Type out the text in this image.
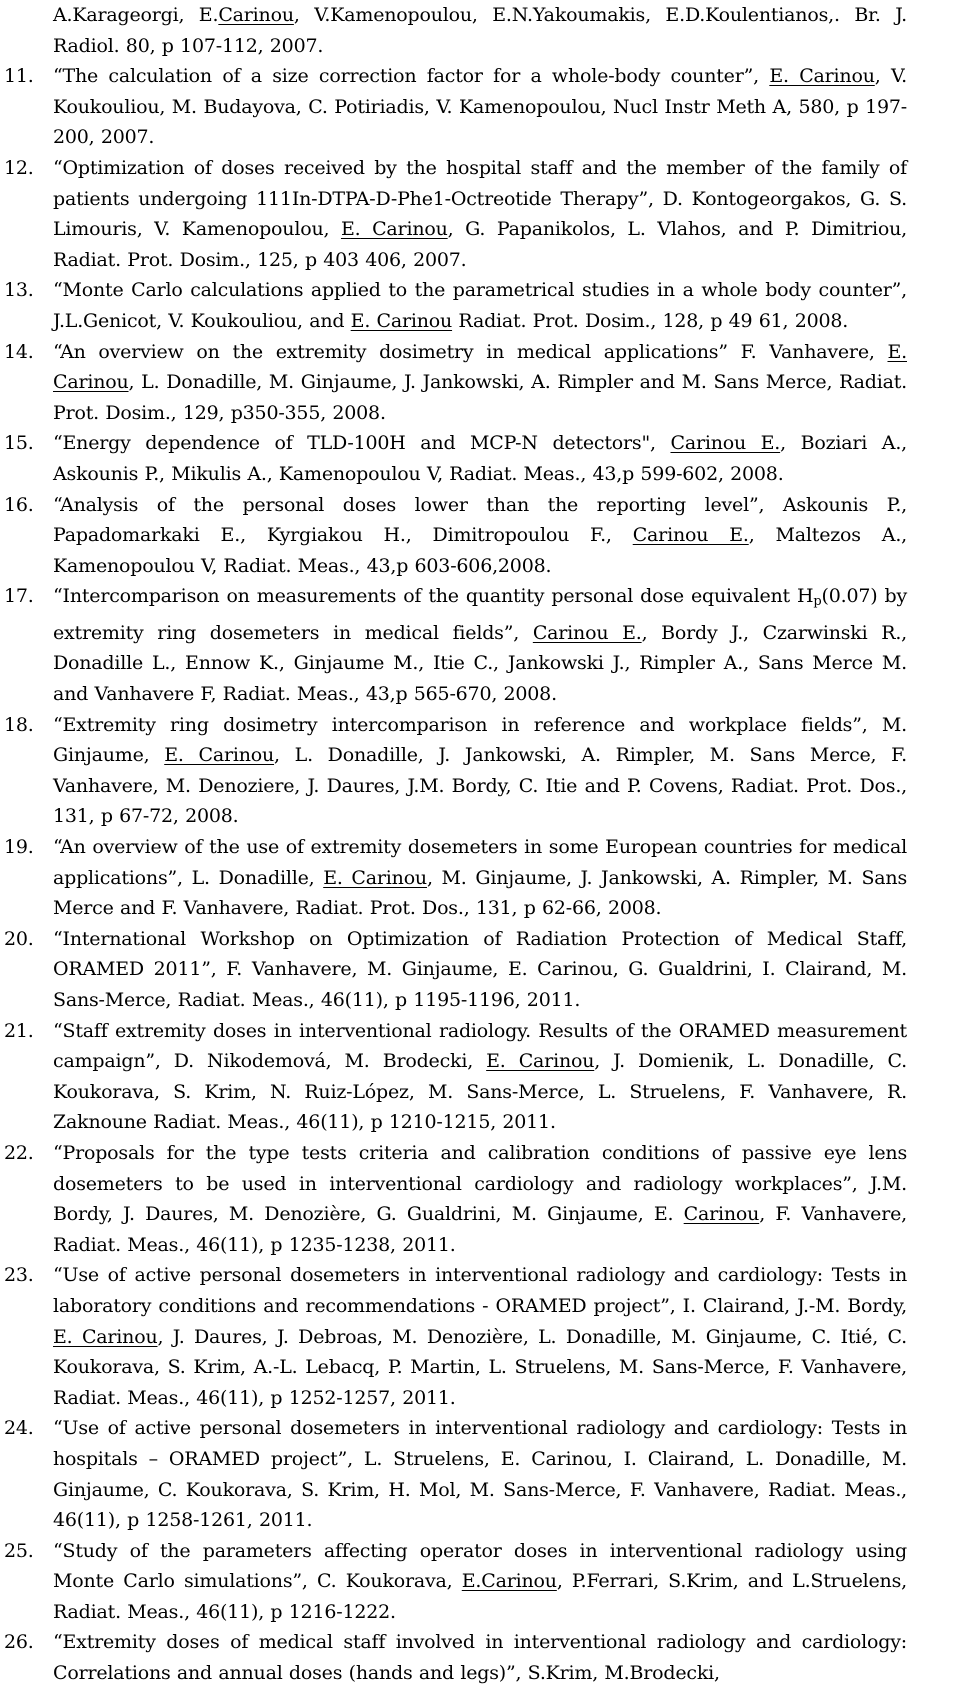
A.Karageorgi, E.Carinou, V.Kamenopoulou, E.N.Yakoumakis, E.D.Koulentianos,. Br. J. Radiol. 80, p 107-112, 2007.
11. “The calculation of a size correction factor for a whole-body counter”, E. Carinou, V. Koukouliou, M. Budayova, C. Potiriadis, V. Kamenopoulou, Nucl Instr Meth A, 580, p 197-200, 2007.
12. “Optimization of doses received by the hospital staff and the member of the family of patients undergoing 111In-DTPA-D-Phe1-Octreotide Therapy”, D. Kontogeorgakos, G. S. Limouris, V. Kamenopoulou, E. Carinou, G. Papanikolos, L. Vlahos, and P. Dimitriou, Radiat. Prot. Dosim., 125, p 403 406, 2007.
13. “Monte Carlo calculations applied to the parametrical studies in a whole body counter”, J.L.Genicot, V. Koukouliou, and E. Carinou Radiat. Prot. Dosim., 128, p 49 61, 2008.
14. “An overview on the extremity dosimetry in medical applications” F. Vanhavere, E. Carinou, L. Donadille, M. Ginjaume, J. Jankowski, A. Rimpler and M. Sans Merce, Radiat. Prot. Dosim., 129, p350-355, 2008.
15. “Energy dependence of TLD-100H and MCP-N detectors", Carinou E., Boziari A., Askounis P., Mikulis A., Kamenopoulou V, Radiat. Meas., 43,p 599-602, 2008.
16. “Analysis of the personal doses lower than the reporting level”, Askounis P., Papadomarkaki E., Kyrgiakou H., Dimitropoulou F., Carinou E., Maltezos A., Kamenopoulou V, Radiat. Meas., 43,p 603-606,2008.
17. “Intercomparison on measurements of the quantity personal dose equivalent $H_p(0.07)$ by extremity ring dosemeters in medical fields”, Carinou E., Bordy J., Czarwinski R., Donadille L., Ennow K., Ginjaume M., Itie C., Jankowski J., Rimpler A., Sans Merce M. and Vanhavere F, Radiat. Meas., 43,p 565-670, 2008.
18. “Extremity ring dosimetry intercomparison in reference and workplace fields”, M. Ginjaume, E. Carinou, L. Donadille, J. Jankowski, A. Rimpler, M. Sans Merce, F. Vanhavere, M. Denoziere, J. Daures, J.M. Bordy, C. Itie and P. Covens, Radiat. Prot. Dos., 131, p 67-72, 2008.
19. “An overview of the use of extremity dosemeters in some European countries for medical applications”, L. Donadille, E. Carinou, M. Ginjaume, J. Jankowski, A. Rimpler, M. Sans Merce and F. Vanhavere, Radiat. Prot. Dos., 131, p 62-66, 2008.
20. “International Workshop on Optimization of Radiation Protection of Medical Staff, ORAMED 2011”, F. Vanhavere, M. Ginjaume, E. Carinou, G. Gualdrini, I. Clairand, M. Sans-Merce, Radiat. Meas., 46(11), p 1195-1196, 2011.
21. “Staff extremity doses in interventional radiology. Results of the ORAMED measurement campaign”, D. Nikodemová, M. Brodecki, E. Carinou, J. Domienik, L. Donadille, C. Koukorava, S. Krim, N. Ruiz-López, M. Sans-Merce, L. Struelens, F. Vanhavere, R. Zaknoune Radiat. Meas., 46(11), p 1210-1215, 2011.
22. “Proposals for the type tests criteria and calibration conditions of passive eye lens dosemeters to be used in interventional cardiology and radiology workplaces”, J.M. Bordy, J. Daures, M. Denozière, G. Gualdrini, M. Ginjaume, E. Carinou, F. Vanhavere, Radiat. Meas., 46(11), p 1235-1238, 2011.
23. “Use of active personal dosemeters in interventional radiology and cardiology: Tests in laboratory conditions and recommendations - ORAMED project”, I. Clairand, J.-M. Bordy, E. Carinou, J. Daures, J. Debroas, M. Denozière, L. Donadille, M. Ginjaume, C. Itié, C. Koukorava, S. Krim, A.-L. Lebacq, P. Martin, L. Struelens, M. Sans-Merce, F. Vanhavere, Radiat. Meas., 46(11), p 1252-1257, 2011.
24. “Use of active personal dosemeters in interventional radiology and cardiology: Tests in hospitals – ORAMED project”, L. Struelens, E. Carinou, I. Clairand, L. Donadille, M. Ginjaume, C. Koukorava, S. Krim, H. Mol, M. Sans-Merce, F. Vanhavere, Radiat. Meas., 46(11), p 1258-1261, 2011.
25. “Study of the parameters affecting operator doses in interventional radiology using Monte Carlo simulations”, C. Koukorava, E.Carinou, P.Ferrari, S.Krim, and L.Struelens, Radiat. Meas., 46(11), p 1216-1222.
26. “Extremity doses of medical staff involved in interventional radiology and cardiology: Correlations and annual doses (hands and legs)”, S.Krim, M.Brodecki,
